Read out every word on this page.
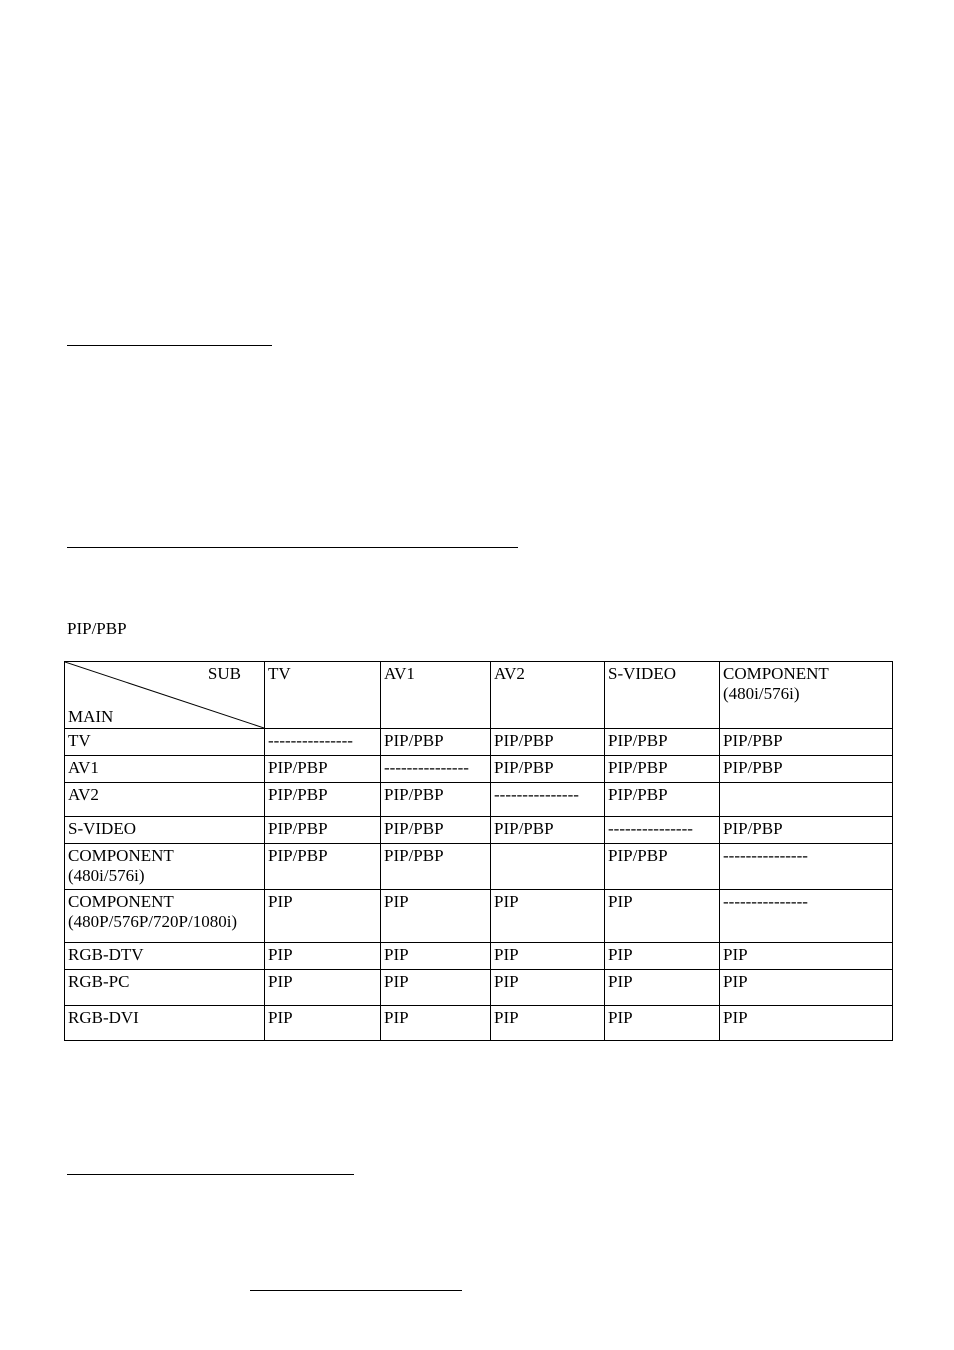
PIP/PBP
SUB
MAIN	TV	AV1	AV2	S-VIDEO	COMPONENT
(480i/576i)

TV	---------------	PIP/PBP	PIP/PBP	PIP/PBP	PIP/PBP

AV1	PIP/PBP	---------------	PIP/PBP	PIP/PBP	PIP/PBP

AV2	PIP/PBP	PIP/PBP	---------------	PIP/PBP	

S-VIDEO	PIP/PBP	PIP/PBP	PIP/PBP	---------------	PIP/PBP

COMPONENT
(480i/576i)	PIP/PBP	PIP/PBP		PIP/PBP	---------------

COMPONENT
(480P/576P/720P/1080i)	PIP	PIP	PIP	PIP	---------------

RGB-DTV	PIP	PIP	PIP	PIP	PIP

RGB-PC	PIP	PIP	PIP	PIP	PIP

RGB-DVI	PIP	PIP	PIP	PIP	PIP
